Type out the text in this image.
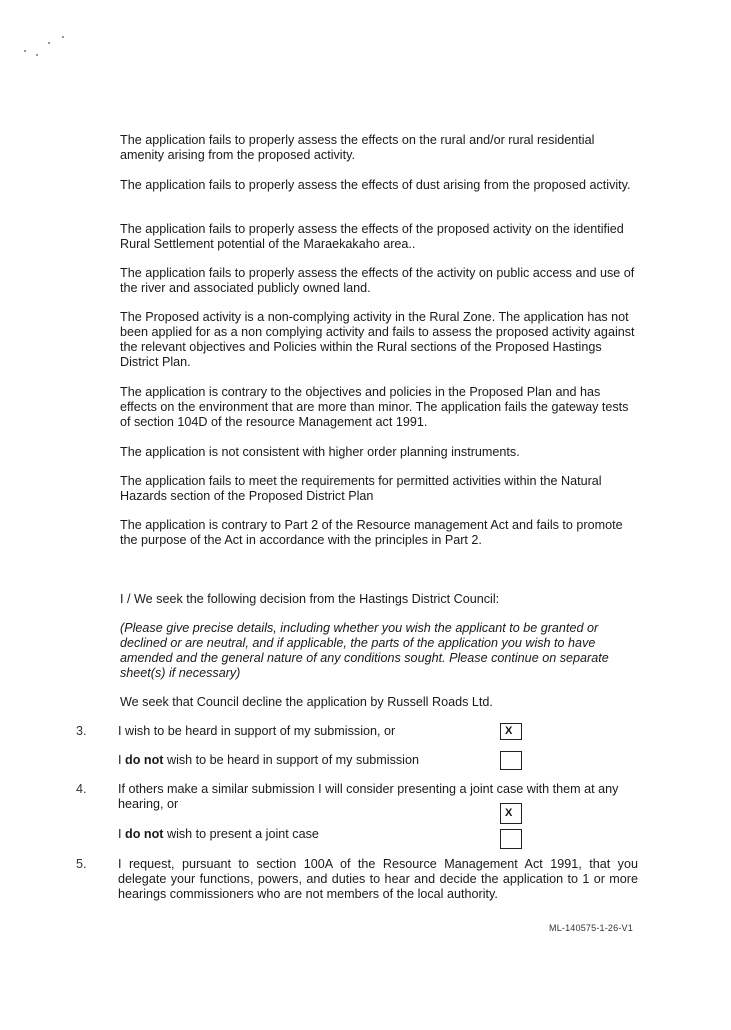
The application fails to properly assess the effects on the rural and/or rural residential amenity arising from the proposed activity.

The application fails to properly assess the effects of dust arising from the proposed activity.

The application fails to properly assess the effects of the proposed activity on the identified Rural Settlement potential of the Maraekakaho area..

The application fails to properly assess the effects of the activity on public access and use of the river and associated publicly owned land.

The Proposed activity is a non-complying activity in the Rural Zone. The application has not been applied for as a non complying activity and fails to assess the proposed activity against the relevant objectives and Policies within the Rural sections of the Proposed Hastings District Plan.

The application is contrary to the objectives and policies in the Proposed Plan and has effects on the environment that are more than minor. The application fails the gateway tests of section 104D of the resource Management act 1991.

The application is not consistent with higher order planning instruments.

The application fails to meet the requirements for permitted activities within the Natural Hazards section of the Proposed District Plan

The application is contrary to Part 2 of the Resource management Act and fails to promote the purpose of the Act in accordance with the principles in Part 2.

I / We seek the following decision from the Hastings District Council:

(Please give precise details, including whether you wish the applicant to be granted or declined or are neutral, and if applicable, the parts of the application you wish to have amended and the general nature of any conditions sought. Please continue on separate sheet(s) if necessary)

We seek that Council decline the application by Russell Roads Ltd.

3. I wish to be heard in support of my submission, or	X

I do not wish to be heard in support of my submission

4. If others make a similar submission I will consider presenting a joint case with them at any hearing, or

X

I do not wish to present a joint case

5. I request, pursuant to section 100A of the Resource Management Act 1991, that you delegate your functions, powers, and duties to hear and decide the application to 1 or more hearings commissioners who are not members of the local authority.

ML-140575-1-26-V1
